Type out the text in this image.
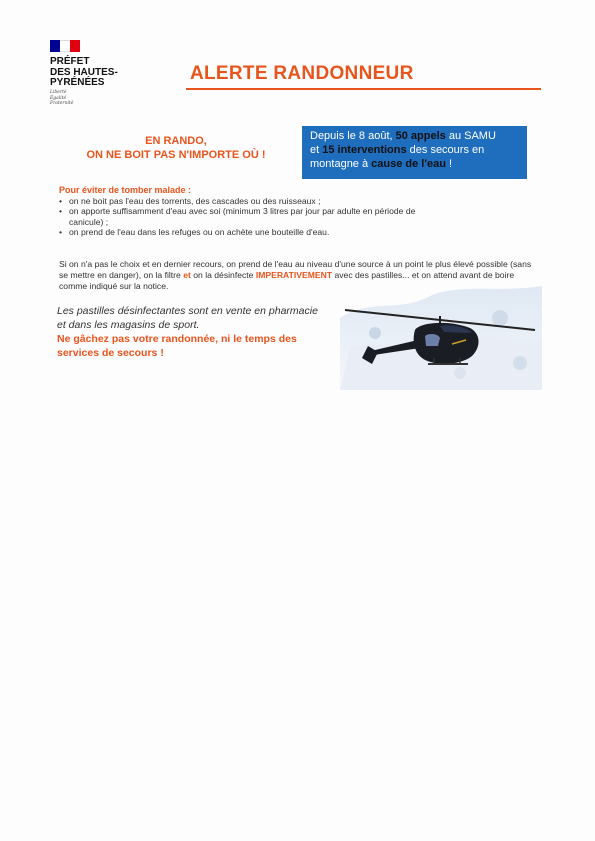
PRÉFET
DES HAUTES-
PYRÉNÉES
Liberté
Égalité
Fraternité
ALERTE RANDONNEUR
EN RANDO,
ON NE BOIT PAS N'IMPORTE OÙ !
Depuis le 8 août, 50 appels au SAMU
et 15 interventions des secours en
montagne à cause de l'eau !
Pour éviter de tomber malade :
• on ne boit pas l'eau des torrents, des cascades ou des ruisseaux ;
• on apporte suffisamment d'eau avec soi (minimum 3 litres par jour par adulte en période de canicule) ;
• on prend de l'eau dans les refuges ou on achète une bouteille d'eau.
Si on n'a pas le choix et en dernier recours, on prend de l'eau au niveau d'une source à un point le plus élevé possible (sans se mettre en danger), on la filtre et on la désinfecte IMPERATIVEMENT avec des pastilles... et on attend avant de boire comme indiqué sur la notice.
Les pastilles désinfectantes sont en vente en pharmacie et dans les magasins de sport.
Ne gâchez pas votre randonnée, ni le temps des services de secours !
